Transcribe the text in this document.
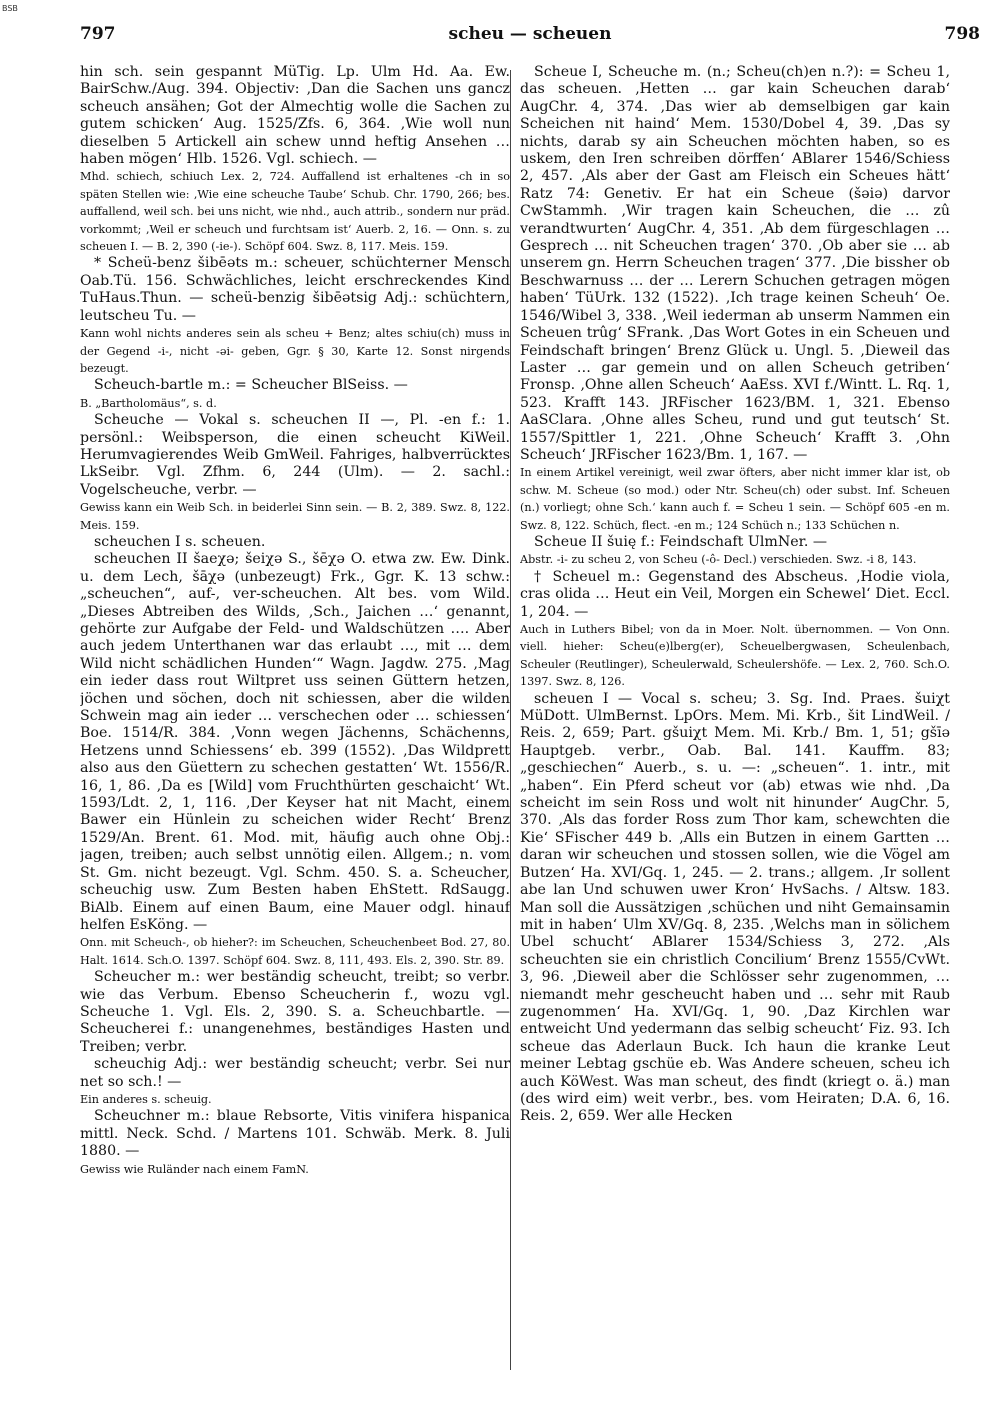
BSB
797	scheu — scheuen	798

hin sch. sein gespannt MüTig. Lp. Ulm Hd. Aa. Ew. BairSchw./Aug. 394. Objectiv: ‚Dan die Sachen uns gancz scheuch ansähen; Got der Almechtig wolle die Sachen zu gutem schicken‘ Aug. 1525/Zfs. 6, 364. ‚Wie woll nun dieselben 5 Artickell ain schew unnd heftig Ansehen … haben mögen‘ Hlb. 1526. Vgl. schiech. —

Mhd. schiech, schiuch Lex. 2, 724. Auffallend ist erhaltenes -ch in so späten Stellen wie: ‚Wie eine scheuche Taube‘ Schub. Chr. 1790, 266; bes. auffallend, weil sch. bei uns nicht, wie nhd., auch attrib., sondern nur präd. vorkommt; ‚Weil er scheuch und furchtsam ist‘ Auerb. 2, 16. — Onn. s. zu scheuen I. — B. 2, 390 (-ie-). Schöpf 604. Swz. 8, 117. Meis. 159.

* Scheü-benz šibēəts m.: scheuer, schüchterner Mensch Oab.Tü. 156. Schwächliches, leicht erschreckendes Kind TuHaus.Thun. — scheü-benzig šibēətsig Adj.: schüchtern, leutscheu Tu. —

Kann wohl nichts anderes sein als scheu + Benz; altes schiu(ch) muss in der Gegend -i-, nicht -əi- geben, Ggr. § 30, Karte 12. Sonst nirgends bezeugt.

Scheuch-bartle m.: = Scheucher BlSeiss. —

B. „Bartholomäus“, s. d.

Scheuche — Vokal s. scheuchen II —, Pl. -en f.: 1. persönl.: Weibsperson, die einen scheucht KiWeil. Herumvagierendes Weib GmWeil. Fahriges, halbverrücktes LkSeibr. Vgl. Zfhm. 6, 244 (Ulm). — 2. sachl.: Vogelscheuche, verbr. —

Gewiss kann ein Weib Sch. in beiderlei Sinn sein. — B. 2, 389. Swz. 8, 122. Meis. 159.

scheuchen I s. scheuen.

scheuchen II šaeχə; šeiχə S., šēχə O. etwa zw. Ew. Dink. u. dem Lech, šāχə (unbezeugt) Frk., Ggr. K. 13 schw.: „scheuchen“, auf-, ver-scheuchen. Alt bes. vom Wild. „Dieses Abtreiben des Wilds, ‚Sch., Jaichen …‘ genannt, gehörte zur Aufgabe der Feld- und Waldschützen …. Aber auch jedem Unterthanen war das erlaubt …, mit … dem Wild nicht schädlichen Hunden‘“ Wagn. Jagdw. 275. ‚Mag ein ieder dass rout Wiltpret uss seinen Güttern hetzen, jöchen und söchen, doch nit schiessen, aber die wilden Schwein mag ain ieder … verschechen oder … schiessen‘ Boe. 1514/R. 384. ‚Vonn wegen Jächenns, Schächenns, Hetzens unnd Schiessens‘ eb. 399 (1552). ‚Das Wildprett also aus den Güettern zu schechen gestatten‘ Wt. 1556/R. 16, 1, 86. ‚Da es [Wild] vom Fruchthürten geschaicht‘ Wt. 1593/Ldt. 2, 1, 116. ‚Der Keyser hat nit Macht, einem Bawer ein Hünlein zu scheichen wider Recht‘ Brenz 1529/An. Brent. 61. Mod. mit, häufig auch ohne Obj.: jagen, treiben; auch selbst unnötig eilen. Allgem.; n. vom St. Gm. nicht bezeugt. Vgl. Schm. 450. S. a. Scheucher, scheuchig usw. Zum Besten haben EhStett. RdSaugg. BiAlb. Einem auf einen Baum, eine Mauer odgl. hinauf helfen EsKöng. —

Onn. mit Scheuch-, ob hieher?: im Scheuchen, Scheuchenbeet Bod. 27, 80. Halt. 1614. Sch.O. 1397. Schöpf 604. Swz. 8, 111, 493. Els. 2, 390. Str. 89.

Scheucher m.: wer beständig scheucht, treibt; so verbr. wie das Verbum. Ebenso Scheucherin f., wozu vgl. Scheuche 1. Vgl. Els. 2, 390. S. a. Scheuchbartle. — Scheucherei f.: unangenehmes, beständiges Hasten und Treiben; verbr.

scheuchig Adj.: wer beständig scheucht; verbr. Sei nur net so sch.! —

Ein anderes s. scheuig.

Scheuchner m.: blaue Rebsorte, Vitis vinifera hispanica mittl. Neck. Schd. / Martens 101. Schwäb. Merk. 8. Juli 1880. —

Gewiss wie Ruländer nach einem FamN.

Scheue I, Scheuche m. (n.; Scheu(ch)en n.?): = Scheu 1, das scheuen. ‚Hetten … gar kain Scheuchen darab‘ AugChr. 4, 374. ‚Das wier ab demselbigen gar kain Scheichen nit haind‘ Mem. 1530/Dobel 4, 39. ‚Das sy nichts, darab sy ain Scheuchen möchten haben, so es uskem, den Iren schreiben dörffen‘ ABlarer 1546/Schiess 2, 457. ‚Als aber der Gast am Fleisch ein Scheues hätt‘ Ratz 74: Genetiv. Er hat ein Scheue (šəiə) darvor CwStammh. ‚Wir tragen kain Scheuchen, die … zû verandtwurten‘ AugChr. 4, 351. ‚Ab dem fürgeschlagen … Gesprech … nit Scheuchen tragen‘ 370. ‚Ob aber sie … ab unserem gn. Herrn Scheuchen tragen‘ 377. ‚Die bissher ob Beschwarnuss … der … Lerern Schuchen getragen mögen haben‘ TüUrk. 132 (1522). ‚Ich trage keinen Scheuh‘ Oe. 1546/Wibel 3, 338. ‚Weil iederman ab unserm Nammen ein Scheuen trûg‘ SFrank. ‚Das Wort Gotes in ein Scheuen und Feindschaft bringen‘ Brenz Glück u. Ungl. 5. ‚Dieweil das Laster … gar gemein und on allen Scheuch getriben‘ Fronsp. ‚Ohne allen Scheuch‘ AaEss. XVI f./Wintt. L. Rq. 1, 523. Krafft 143. JRFischer 1623/BM. 1, 321. Ebenso AaSClara. ‚Ohne alles Scheu, rund und gut teutsch‘ St. 1557/Spittler 1, 221. ‚Ohne Scheuch‘ Krafft 3. ‚Ohn Scheuch‘ JRFischer 1623/Bm. 1, 167. —

In einem Artikel vereinigt, weil zwar öfters, aber nicht immer klar ist, ob schw. M. Scheue (so mod.) oder Ntr. Scheu(ch) oder subst. Inf. Scheuen (n.) vorliegt; ohne Sch.‘ kann auch f. = Scheu 1 sein. — Schöpf 605 -en m. Swz. 8, 122. Schüch, flect. -en m.; 124 Schüch n.; 133 Schüchen n.

Scheue II šuię f.: Feindschaft UlmNer. —

Abstr. -i- zu scheu 2, von Scheu (-ô- Decl.) verschieden. Swz. -i 8, 143.

† Scheuel m.: Gegenstand des Abscheus. ‚Hodie viola, cras olida … Heut ein Veil, Morgen ein Schewel‘ Diet. Eccl. 1, 204. —

Auch in Luthers Bibel; von da in Moer. Nolt. übernommen. — Von Onn. viell. hieher: Scheu(e)lberg(er), Scheuelbergwasen, Scheulenbach, Scheuler (Reutlinger), Scheulerwald, Scheulershöfe. — Lex. 2, 760. Sch.O. 1397. Swz. 8, 126.

scheuen I — Vocal s. scheu; 3. Sg. Ind. Praes. šuiχt MüDott. UlmBernst. LpOrs. Mem. Mi. Krb., šit LindWeil. / Reis. 2, 659; Part. gšuiχt Mem. Mi. Krb./ Bm. 1, 51; gšīə Hauptgeb. verbr., Oab. Bal. 141. Kauffm. 83; „geschiechen“ Auerb., s. u. —: „scheuen“. 1. intr., mit „haben“. Ein Pferd scheut vor (ab) etwas wie nhd. ‚Da scheicht im sein Ross und wolt nit hinunder‘ AugChr. 5, 370. ‚Als das forder Ross zum Thor kam, schewchten die Kie‘ SFischer 449 b. ‚Alls ein Butzen in einem Gartten … daran wir scheuchen und stossen sollen, wie die Vögel am Butzen‘ Ha. XVI/Gq. 1, 245. — 2. trans.; allgem. ‚Ir sollent abe lan Und schuwen uwer Kron‘ HvSachs. / Altsw. 183. Man soll die Aussätzigen ‚schüchen und niht Gemainsamin mit in haben‘ Ulm XV/Gq. 8, 235. ‚Welchs man in sölichem Ubel schucht‘ ABlarer 1534/Schiess 3, 272. ‚Als scheuchten sie ein christlich Concilium‘ Brenz 1555/CvWt. 3, 96. ‚Dieweil aber die Schlösser sehr zugenommen, … niemandt mehr gescheucht haben und … sehr mit Raub zugenommen‘ Ha. XVI/Gq. 1, 90. ‚Daz Kirchlen war entweicht Und yedermann das selbig scheucht‘ Fiz. 93. Ich scheue das Aderlaun Buck. Ich haun die kranke Leut meiner Lebtag gschüe eb. Was Andere scheuen, scheu ich auch KöWest. Was man scheut, des findt (kriegt o. ä.) man (des wird eim) weit verbr., bes. vom Heiraten; D.A. 6, 16. Reis. 2, 659. Wer alle Hecken
